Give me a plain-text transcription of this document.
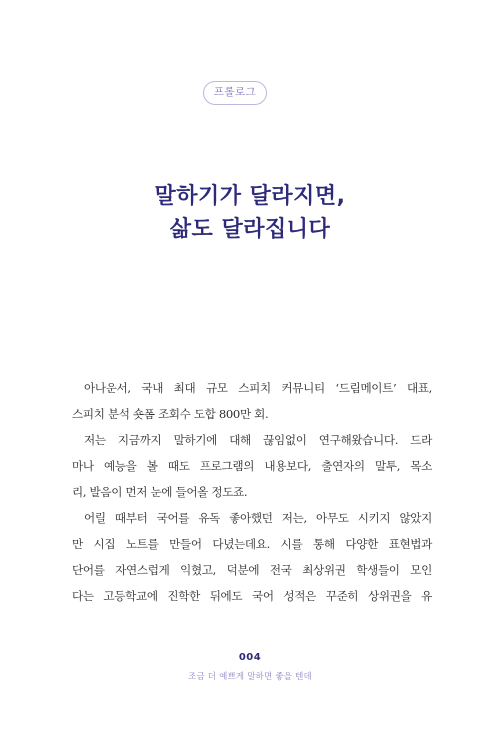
프롤로그
말하기가 달라지면,
삶도 달라집니다
아나운서, 국내 최대 규모 스피치 커뮤니티 ‘드림메이트’ 대표,
스피치 분석 숏폼 조회수 도합 800만 회.
저는 지금까지 말하기에 대해 끊임없이 연구해왔습니다. 드라
마나 예능을 볼 때도 프로그램의 내용보다, 출연자의 말투, 목소
리, 발음이 먼저 눈에 들어올 정도죠.
어릴 때부터 국어를 유독 좋아했던 저는, 아무도 시키지 않았지
만 시집 노트를 만들어 다녔는데요. 시를 통해 다양한 표현법과
단어를 자연스럽게 익혔고, 덕분에 전국 최상위권 학생들이 모인
다는 고등학교에 진학한 뒤에도 국어 성적은 꾸준히 상위권을 유
004
조금 더 예쁘게 말하면 좋을 텐데
